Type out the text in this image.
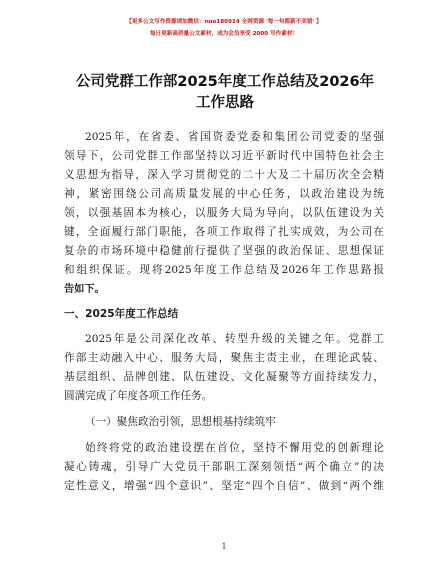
【更多公文写作资源请加微信：nuo180914 全网资源 '每一句都新不卖错' 】
每日更新高质量公文素材，成为会员享受 2000 写作素材！
公司党群工作部2025年度工作总结及2026年
工作思路
2025年，在省委、省国资委党委和集团公司党委的坚强
领导下，公司党群工作部坚持以习近平新时代中国特色社会主
义思想为指导，深入学习贯彻党的二十大及二十届历次全会精
神，紧密围绕公司高质量发展的中心任务，以政治建设为统
领，以强基固本为核心，以服务大局为导向，以队伍建设为关
键，全面履行部门职能，各项工作取得了扎实成效，为公司在
复杂的市场环境中稳健前行提供了坚强的政治保证、思想保证
和组织保证。现将2025年度工作总结及2026年工作思路报
告如下。
一、2025年度工作总结
2025年是公司深化改革、转型升级的关键之年。党群工
作部主动融入中心、服务大局，聚焦主责主业，在理论武装、
基层组织、品牌创建、队伍建设、文化凝聚等方面持续发力，
圆满完成了年度各项工作任务。
（一）聚焦政治引领，思想根基持续筑牢
始终将党的政治建设摆在首位，坚持不懈用党的创新理论
凝心铸魂，引导广大党员干部职工深刻领悟“两个确立”的决
定性意义，增强“四个意识”、坚定“四个自信”、做到“两个维
1
